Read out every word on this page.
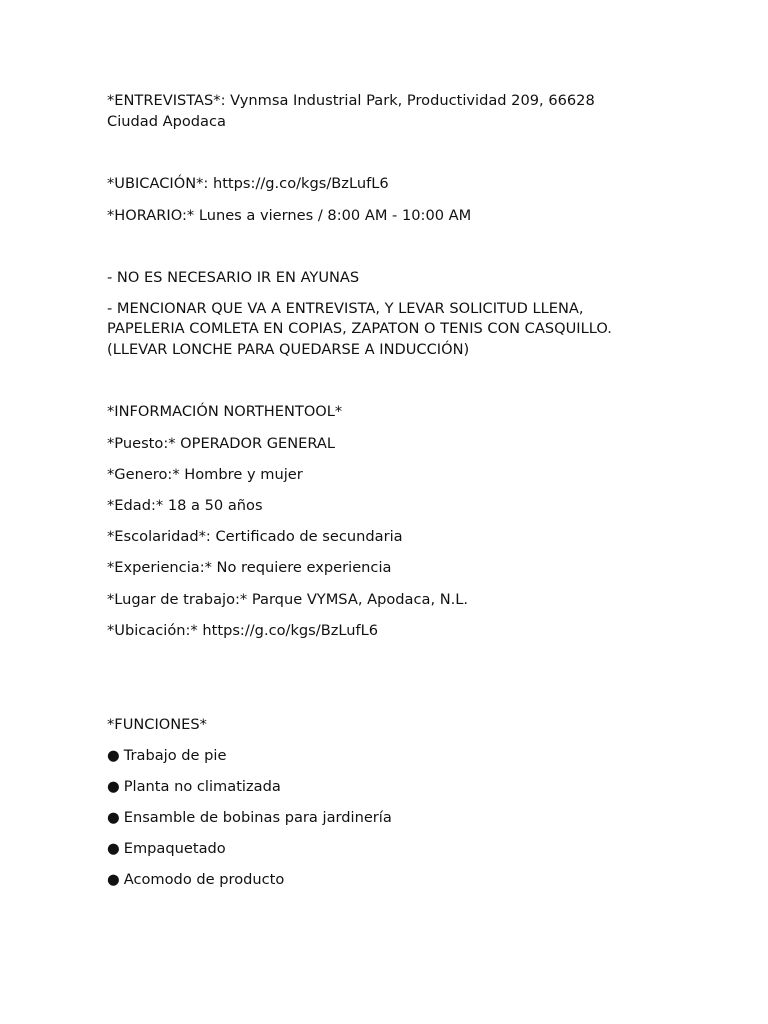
*ENTREVISTAS*: Vynmsa Industrial Park, Productividad 209, 66628

Ciudad Apodaca

*UBICACIÓN*: https://g.co/kgs/BzLufL6

*HORARIO:* Lunes a viernes / 8:00 AM - 10:00 AM

- NO ES NECESARIO IR EN AYUNAS

- MENCIONAR QUE VA A ENTREVISTA, Y LEVAR SOLICITUD LLENA,

PAPELERIA COMLETA EN COPIAS, ZAPATON O TENIS CON CASQUILLO.

(LLEVAR LONCHE PARA QUEDARSE A INDUCCIÓN)

*INFORMACIÓN NORTHENTOOL*

*Puesto:* OPERADOR GENERAL

*Genero:* Hombre y mujer

*Edad:* 18 a 50 años

*Escolaridad*: Certificado de secundaria

*Experiencia:* No requiere experiencia

*Lugar de trabajo:* Parque VYMSA, Apodaca, N.L.

*Ubicación:* https://g.co/kgs/BzLufL6

*FUNCIONES*

● Trabajo de pie

● Planta no climatizada

● Ensamble de bobinas para jardinería

● Empaquetado

● Acomodo de producto
